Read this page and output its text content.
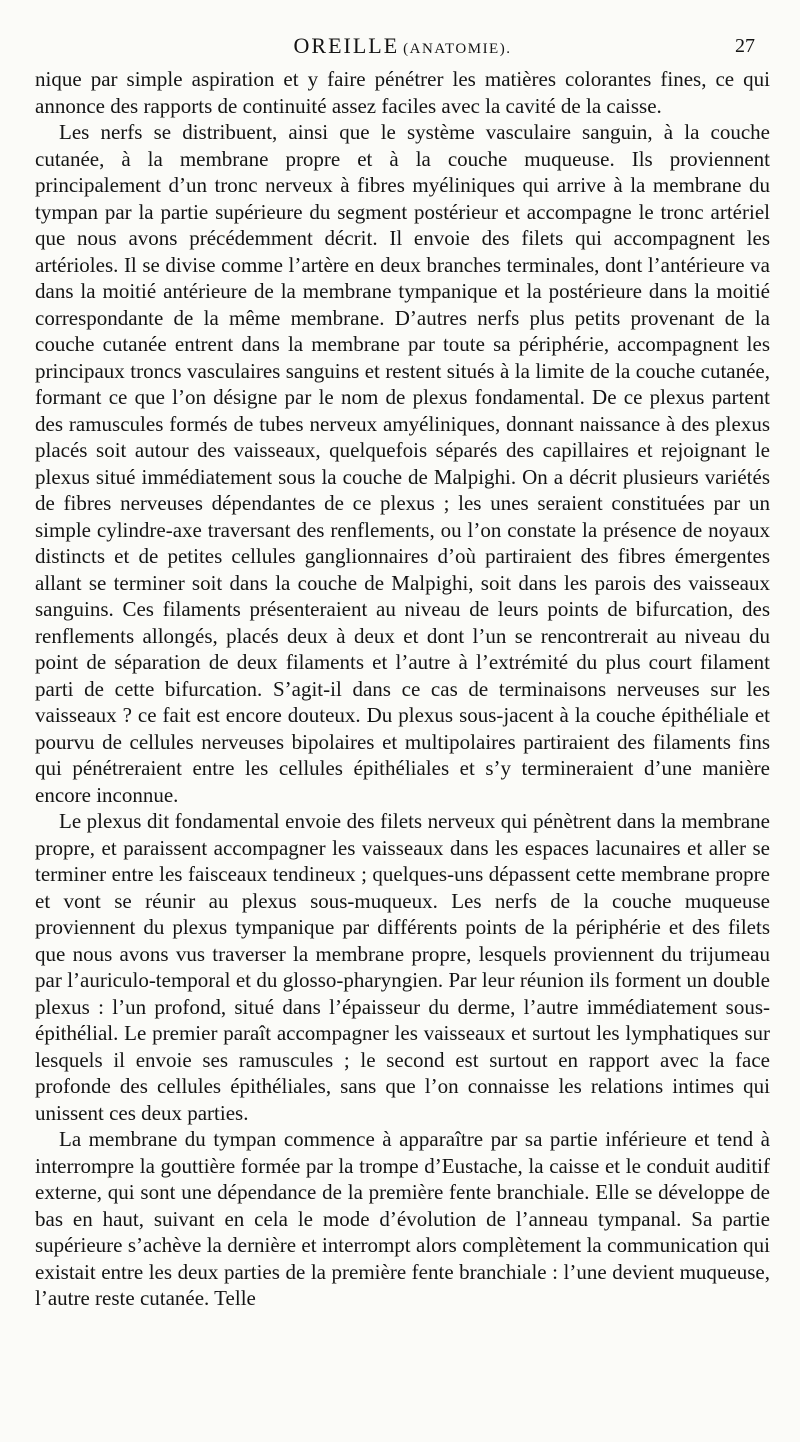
OREILLE (ANATOMIE).	27

nique par simple aspiration et y faire pénétrer les matières colorantes fines, ce qui annonce des rapports de continuité assez faciles avec la cavité de la caisse.

Les nerfs se distribuent, ainsi que le système vasculaire sanguin, à la couche cutanée, à la membrane propre et à la couche muqueuse. Ils proviennent principalement d’un tronc nerveux à fibres myéliniques qui arrive à la membrane du tympan par la partie supérieure du segment postérieur et accompagne le tronc artériel que nous avons précédemment décrit. Il envoie des filets qui accompagnent les artérioles. Il se divise comme l’artère en deux branches terminales, dont l’antérieure va dans la moitié antérieure de la membrane tympanique et la postérieure dans la moitié correspondante de la même membrane. D’autres nerfs plus petits provenant de la couche cutanée entrent dans la membrane par toute sa périphérie, accompagnent les principaux troncs vasculaires sanguins et restent situés à la limite de la couche cutanée, formant ce que l’on désigne par le nom de plexus fondamental. De ce plexus partent des ramuscules formés de tubes nerveux amyéliniques, donnant naissance à des plexus placés soit autour des vaisseaux, quelquefois séparés des capillaires et rejoignant le plexus situé immédiatement sous la couche de Malpighi. On a décrit plusieurs variétés de fibres nerveuses dépendantes de ce plexus ; les unes seraient constituées par un simple cylindre-axe traversant des renflements, ou l’on constate la présence de noyaux distincts et de petites cellules ganglionnaires d’où partiraient des fibres émergentes allant se terminer soit dans la couche de Malpighi, soit dans les parois des vaisseaux sanguins. Ces filaments présenteraient au niveau de leurs points de bifurcation, des renflements allongés, placés deux à deux et dont l’un se rencontrerait au niveau du point de séparation de deux filaments et l’autre à l’extrémité du plus court filament parti de cette bifurcation. S’agit-il dans ce cas de terminaisons nerveuses sur les vaisseaux ? ce fait est encore douteux. Du plexus sous-jacent à la couche épithéliale et pourvu de cellules nerveuses bipolaires et multipolaires partiraient des filaments fins qui pénétreraient entre les cellules épithéliales et s’y termineraient d’une manière encore inconnue.

Le plexus dit fondamental envoie des filets nerveux qui pénètrent dans la membrane propre, et paraissent accompagner les vaisseaux dans les espaces lacunaires et aller se terminer entre les faisceaux tendineux ; quelques-uns dépassent cette membrane propre et vont se réunir au plexus sous-muqueux. Les nerfs de la couche muqueuse proviennent du plexus tympanique par différents points de la périphérie et des filets que nous avons vus traverser la membrane propre, lesquels proviennent du trijumeau par l’auriculo-temporal et du glosso-pharyngien. Par leur réunion ils forment un double plexus : l’un profond, situé dans l’épaisseur du derme, l’autre immédiatement sous-épithélial. Le premier paraît accompagner les vaisseaux et surtout les lymphatiques sur lesquels il envoie ses ramuscules ; le second est surtout en rapport avec la face profonde des cellules épithéliales, sans que l’on connaisse les relations intimes qui unissent ces deux parties.

La membrane du tympan commence à apparaître par sa partie inférieure et tend à interrompre la gouttière formée par la trompe d’Eustache, la caisse et le conduit auditif externe, qui sont une dépendance de la première fente branchiale. Elle se développe de bas en haut, suivant en cela le mode d’évolution de l’anneau tympanal. Sa partie supérieure s’achève la dernière et interrompt alors complètement la communication qui existait entre les deux parties de la première fente branchiale : l’une devient muqueuse, l’autre reste cutanée. Telle
